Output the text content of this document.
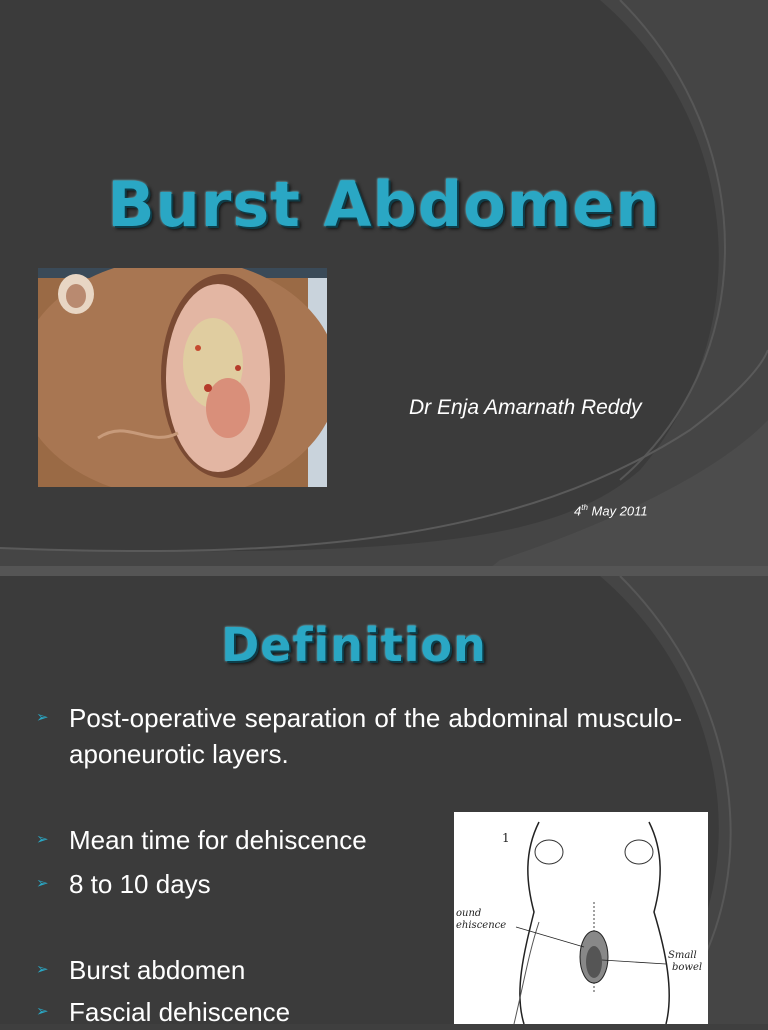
Burst Abdomen
Dr Enja Amarnath Reddy
4th May 2011
Definition
➢ Post-operative separation of the abdominal musculo-aponeurotic layers.
➢ Mean time for dehiscence
➢ 8 to 10 days
➢ Burst abdomen
➢ Fascial dehiscence
1
ound
ehiscence
Small
bowel
